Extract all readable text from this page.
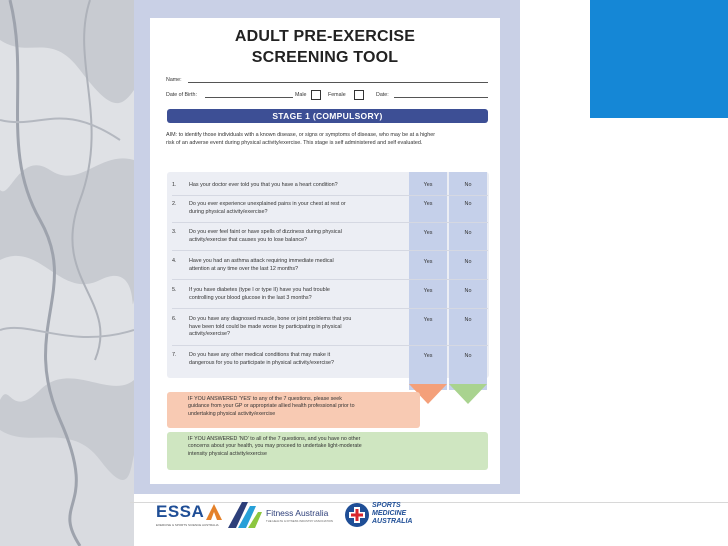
ADULT PRE-EXERCISE
SCREENING TOOL
Name:
Date of Birth:	Male	Female	Date:
STAGE 1 (COMPULSORY)
AIM: to identify those individuals with a known disease, or signs or symptoms of disease, who may be at a higher
risk of an adverse event during physical activity/exercise. This stage is self administered and self evaluated.
1. Has your doctor ever told you that you have a heart condition?	Yes	No
2. Do you ever experience unexplained pains in your chest at rest or
during physical activity/exercise?
Yes	No
3. Do you ever feel faint or have spells of dizziness during physical
activity/exercise that causes you to lose balance?
Yes	No
4. Have you had an asthma attack requiring immediate medical
attention at any time over the last 12 months?
Yes	No
5. If you have diabetes (type I or type II) have you had trouble
controlling your blood glucose in the last 3 months?
Yes	No
6. Do you have any diagnosed muscle, bone or joint problems that you
have been told could be made worse by participating in physical
activity/exercise?
Yes	No
7. Do you have any other medical conditions that may make it
dangerous for you to participate in physical activity/exercise?
Yes	No
IF YOU ANSWERED 'YES' to any of the 7 questions, please seek
guidance from your GP or appropriate allied health professional prior to
undertaking physical activity/exercise
IF YOU ANSWERED 'NO' to all of the 7 questions, and you have no other
concerns about your health, you may proceed to undertake light-moderate
intensity physical activity/exercise
ESSA
EXERCISE & SPORTS SCIENCE AUSTRALIA
Fitness Australia
THE HEALTH & FITNESS INDUSTRY ASSOCIATION
SPORTS
MEDICINE
AUSTRALIA
